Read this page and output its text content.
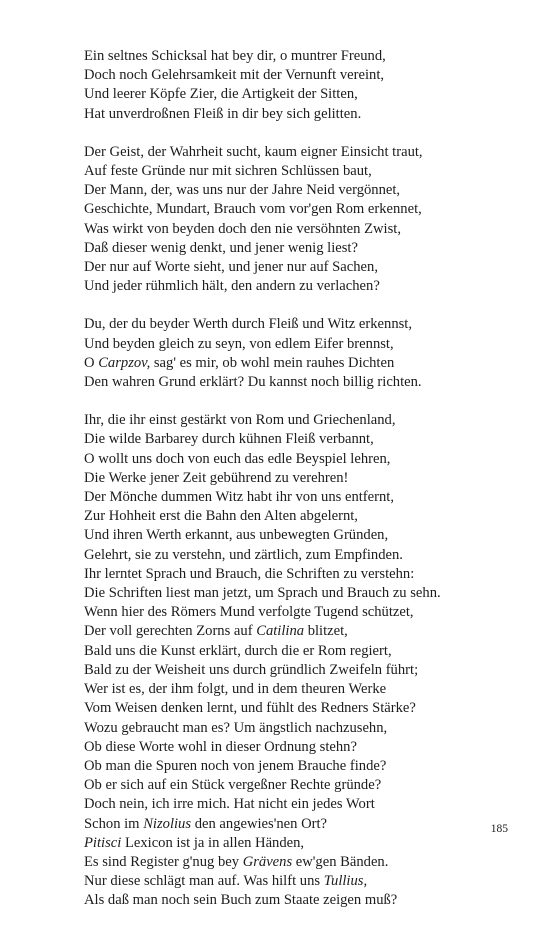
Ein seltnes Schicksal hat bey dir, o muntrer Freund,
Doch noch Gelehrsamkeit mit der Vernunft vereint,
Und leerer Köpfe Zier, die Artigkeit der Sitten,
Hat unverdroßnen Fleiß in dir bey sich gelitten.
Der Geist, der Wahrheit sucht, kaum eigner Einsicht traut,
Auf feste Gründe nur mit sichren Schlüssen baut,
Der Mann, der, was uns nur der Jahre Neid vergönnet,
Geschichte, Mundart, Brauch vom vor'gen Rom erkennet,
Was wirkt von beyden doch den nie versöhnten Zwist,
Daß dieser wenig denkt, und jener wenig liest?
Der nur auf Worte sieht, und jener nur auf Sachen,
Und jeder rühmlich hält, den andern zu verlachen?
Du, der du beyder Werth durch Fleiß und Witz erkennst,
Und beyden gleich zu seyn, von edlem Eifer brennst,
O Carpzov, sag' es mir, ob wohl mein rauhes Dichten
Den wahren Grund erklärt? Du kannst noch billig richten.
Ihr, die ihr einst gestärkt von Rom und Griechenland,
Die wilde Barbarey durch kühnen Fleiß verbannt,
O wollt uns doch von euch das edle Beyspiel lehren,
Die Werke jener Zeit gebührend zu verehren!
Der Mönche dummen Witz habt ihr von uns entfernt,
Zur Hohheit erst die Bahn den Alten abgelernt,
Und ihren Werth erkannt, aus unbewegten Gründen,
Gelehrt, sie zu verstehn, und zärtlich, zum Empfinden.
Ihr lerntet Sprach und Brauch, die Schriften zu verstehn:
Die Schriften liest man jetzt, um Sprach und Brauch zu sehn.
Wenn hier des Römers Mund verfolgte Tugend schützet,
Der voll gerechten Zorns auf Catilina blitzet,
Bald uns die Kunst erklärt, durch die er Rom regiert,
Bald zu der Weisheit uns durch gründlich Zweifeln führt;
Wer ist es, der ihm folgt, und in dem theuren Werke
Vom Weisen denken lernt, und fühlt des Redners Stärke?
Wozu gebraucht man es? Um ängstlich nachzusehn,
Ob diese Worte wohl in dieser Ordnung stehn?
Ob man die Spuren noch von jenem Brauche finde?
Ob er sich auf ein Stück vergeßner Rechte gründe?
Doch nein, ich irre mich. Hat nicht ein jedes Wort
Schon im Nizolius den angewies'nen Ort?
Pitisci Lexicon ist ja in allen Händen,
Es sind Register g'nug bey Grävens ew'gen Bänden.
Nur diese schlägt man auf. Was hilft uns Tullius,
Als daß man noch sein Buch zum Staate zeigen muß?
185
